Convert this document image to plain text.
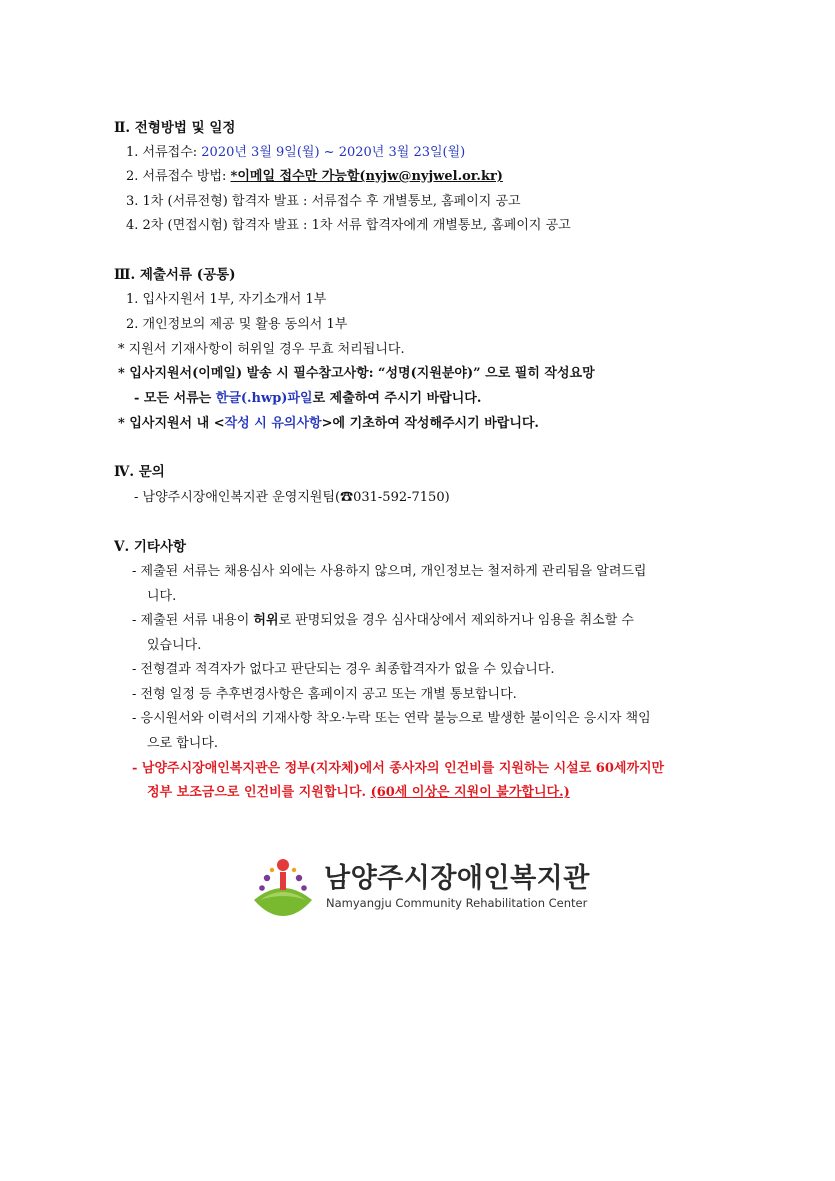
Ⅱ. 전형방법 및 일정
1. 서류접수: 2020년 3월 9일(월) ~ 2020년 3월 23일(월)
2. 서류접수 방법: *이메일 접수만 가능함(nyjw@nyjwel.or.kr)
3. 1차 (서류전형) 합격자 발표 : 서류접수 후 개별통보, 홈페이지 공고
4. 2차 (면접시험) 합격자 발표 : 1차 서류 합격자에게 개별통보, 홈페이지 공고
Ⅲ. 제출서류 (공통)
1. 입사지원서 1부, 자기소개서 1부
2. 개인정보의 제공 및 활용 동의서 1부
* 지원서 기재사항이 허위일 경우 무효 처리됩니다.
* 입사지원서(이메일) 발송 시 필수참고사항: “성명(지원분야)” 으로 필히 작성요망
- 모든 서류는 한글(.hwp)파일로 제출하여 주시기 바랍니다.
* 입사지원서 내 <작성 시 유의사항>에 기초하여 작성해주시기 바랍니다.
Ⅳ. 문의
- 남양주시장애인복지관 운영지원팀(☎031-592-7150)
Ⅴ. 기타사항
- 제출된 서류는 채용심사 외에는 사용하지 않으며, 개인정보는 철저하게 관리됨을 알려드립
니다.
- 제출된 서류 내용이 허위로 판명되었을 경우 심사대상에서 제외하거나 임용을 취소할 수
있습니다.
- 전형결과 적격자가 없다고 판단되는 경우 최종합격자가 없을 수 있습니다.
- 전형 일정 등 추후변경사항은 홈페이지 공고 또는 개별 통보합니다.
- 응시원서와 이력서의 기재사항 착오·누락 또는 연락 불능으로 발생한 불이익은 응시자 책임
으로 합니다.
- 남양주시장애인복지관은 정부(지자체)에서 종사자의 인건비를 지원하는 시설로 60세까지만
정부 보조금으로 인건비를 지원합니다. (60세 이상은 지원이 불가합니다.)
남양주시장애인복지관
Namyangju Community Rehabilitation Center
